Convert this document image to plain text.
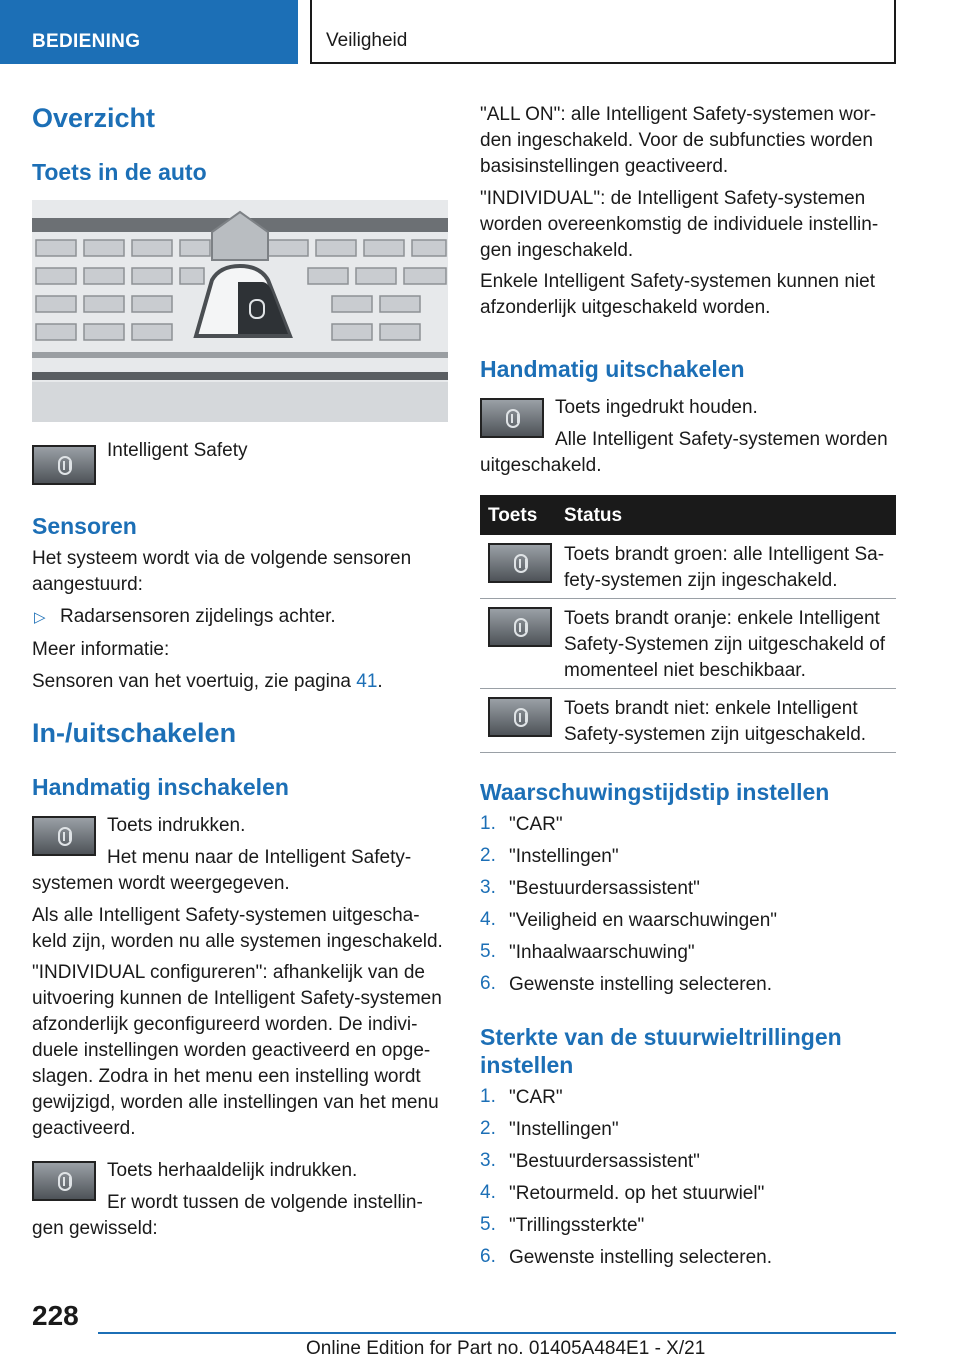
BEDIENING	Veiligheid
Overzicht
Toets in de auto
Intelligent Safety
Sensoren
Het systeem wordt via de volgende sensoren
aangestuurd:
▷ Radarsensoren zijdelings achter.
Meer informatie:
Sensoren van het voertuig, zie pagina 41.
In-/uitschakelen
Handmatig inschakelen
Toets indrukken.
Het menu naar de Intelligent Safety-
systemen wordt weergegeven.
Als alle Intelligent Safety-systemen uitgescha-
keld zijn, worden nu alle systemen ingeschakeld.
"INDIVIDUAL configureren": afhankelijk van de
uitvoering kunnen de Intelligent Safety-systemen
afzonderlijk geconfigureerd worden. De indivi-
duele instellingen worden geactiveerd en opge-
slagen. Zodra in het menu een instelling wordt
gewijzigd, worden alle instellingen van het menu
geactiveerd.
Toets herhaaldelijk indrukken.
Er wordt tussen de volgende instellin-
gen gewisseld:
"ALL ON": alle Intelligent Safety-systemen wor-
den ingeschakeld. Voor de subfuncties worden
basisinstellingen geactiveerd.
"INDIVIDUAL": de Intelligent Safety-systemen
worden overeenkomstig de individuele instellin-
gen ingeschakeld.
Enkele Intelligent Safety-systemen kunnen niet
afzonderlijk uitgeschakeld worden.
Handmatig uitschakelen
Toets ingedrukt houden.
Alle Intelligent Safety-systemen worden
uitgeschakeld.
Toets Status
Toets brandt groen: alle Intelligent Sa-
fety-systemen zijn ingeschakeld.
Toets brandt oranje: enkele Intelligent
Safety-Systemen zijn uitgeschakeld of
momenteel niet beschikbaar.
Toets brandt niet: enkele Intelligent
Safety-systemen zijn uitgeschakeld.
Waarschuwingstijdstip instellen
1. "CAR"
2. "Instellingen"
3. "Bestuurdersassistent"
4. "Veiligheid en waarschuwingen"
5. "Inhaalwaarschuwing"
6. Gewenste instelling selecteren.
Sterkte van de stuurwieltrillingen
instellen
1. "CAR"
2. "Instellingen"
3. "Bestuurdersassistent"
4. "Retourmeld. op het stuurwiel"
5. "Trillingssterkte"
6. Gewenste instelling selecteren.
228
Online Edition for Part no. 01405A484E1 - X/21
